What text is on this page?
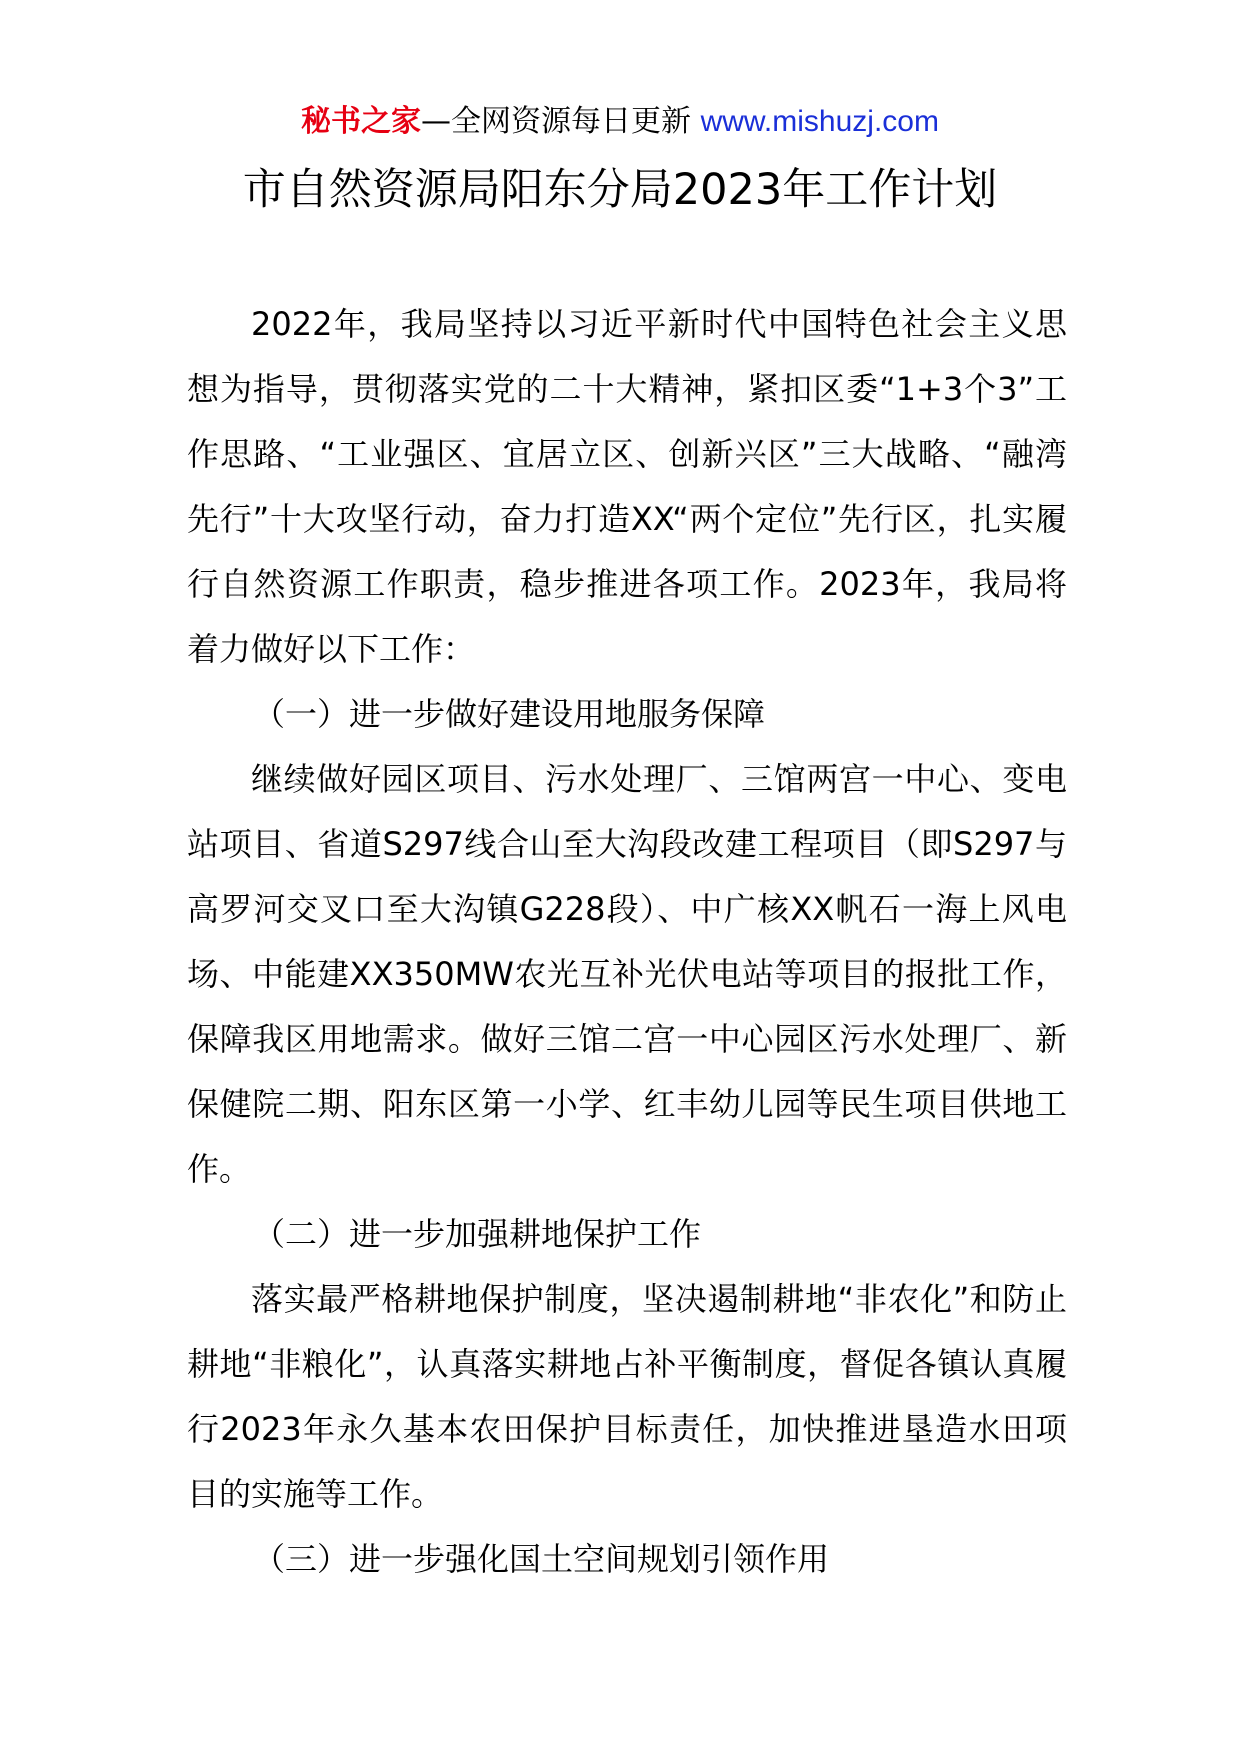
秘书之家—全网资源每日更新 www.mishuzj.com
市自然资源局阳东分局2023年工作计划

2022年，我局坚持以习近平新时代中国特色社会主义思想为指导，贯彻落实党的二十大精神，紧扣区委“1+3个3”工作思路、“工业强区、宜居立区、创新兴区”三大战略、“融湾先行”十大攻坚行动，奋力打造XX“两个定位”先行区，扎实履行自然资源工作职责，稳步推进各项工作。2023年，我局将着力做好以下工作：

（一）进一步做好建设用地服务保障

继续做好园区项目、污水处理厂、三馆两宫一中心、变电站项目、省道S297线合山至大沟段改建工程项目（即S297与高罗河交叉口至大沟镇G228段）、中广核XX帆石一海上风电场、中能建XX350MW农光互补光伏电站等项目的报批工作，保障我区用地需求。做好三馆二宫一中心园区污水处理厂、新保健院二期、阳东区第一小学、红丰幼儿园等民生项目供地工作。

（二）进一步加强耕地保护工作

落实最严格耕地保护制度，坚决遏制耕地“非农化”和防止耕地“非粮化”，认真落实耕地占补平衡制度，督促各镇认真履行2023年永久基本农田保护目标责任，加快推进垦造水田项目的实施等工作。

（三）进一步强化国土空间规划引领作用
